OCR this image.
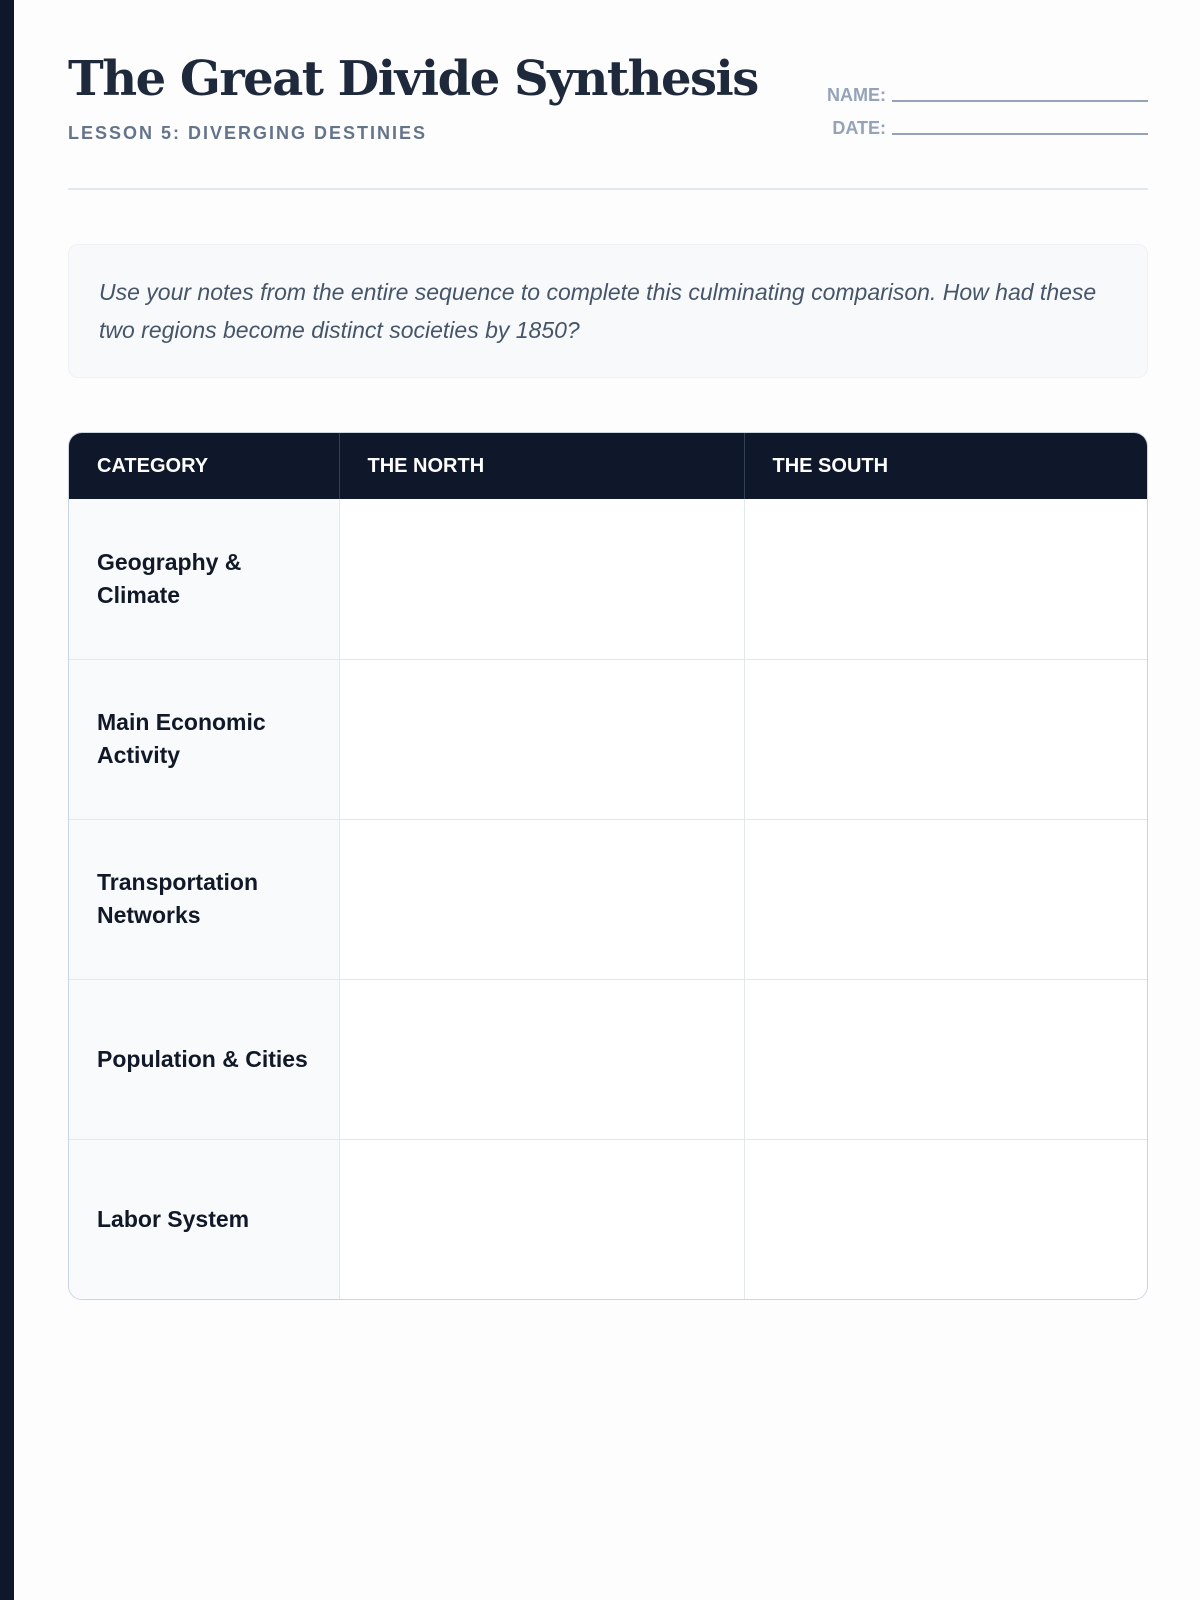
The Great Divide Synthesis
LESSON 5: DIVERGING DESTINIES
NAME:
DATE:

Use your notes from the entire sequence to complete this culminating comparison. How had these two regions become distinct societies by 1850?

CATEGORY	THE NORTH	THE SOUTH
Geography & Climate		
Main Economic Activity		
Transportation Networks		
Population & Cities		
Labor System		
